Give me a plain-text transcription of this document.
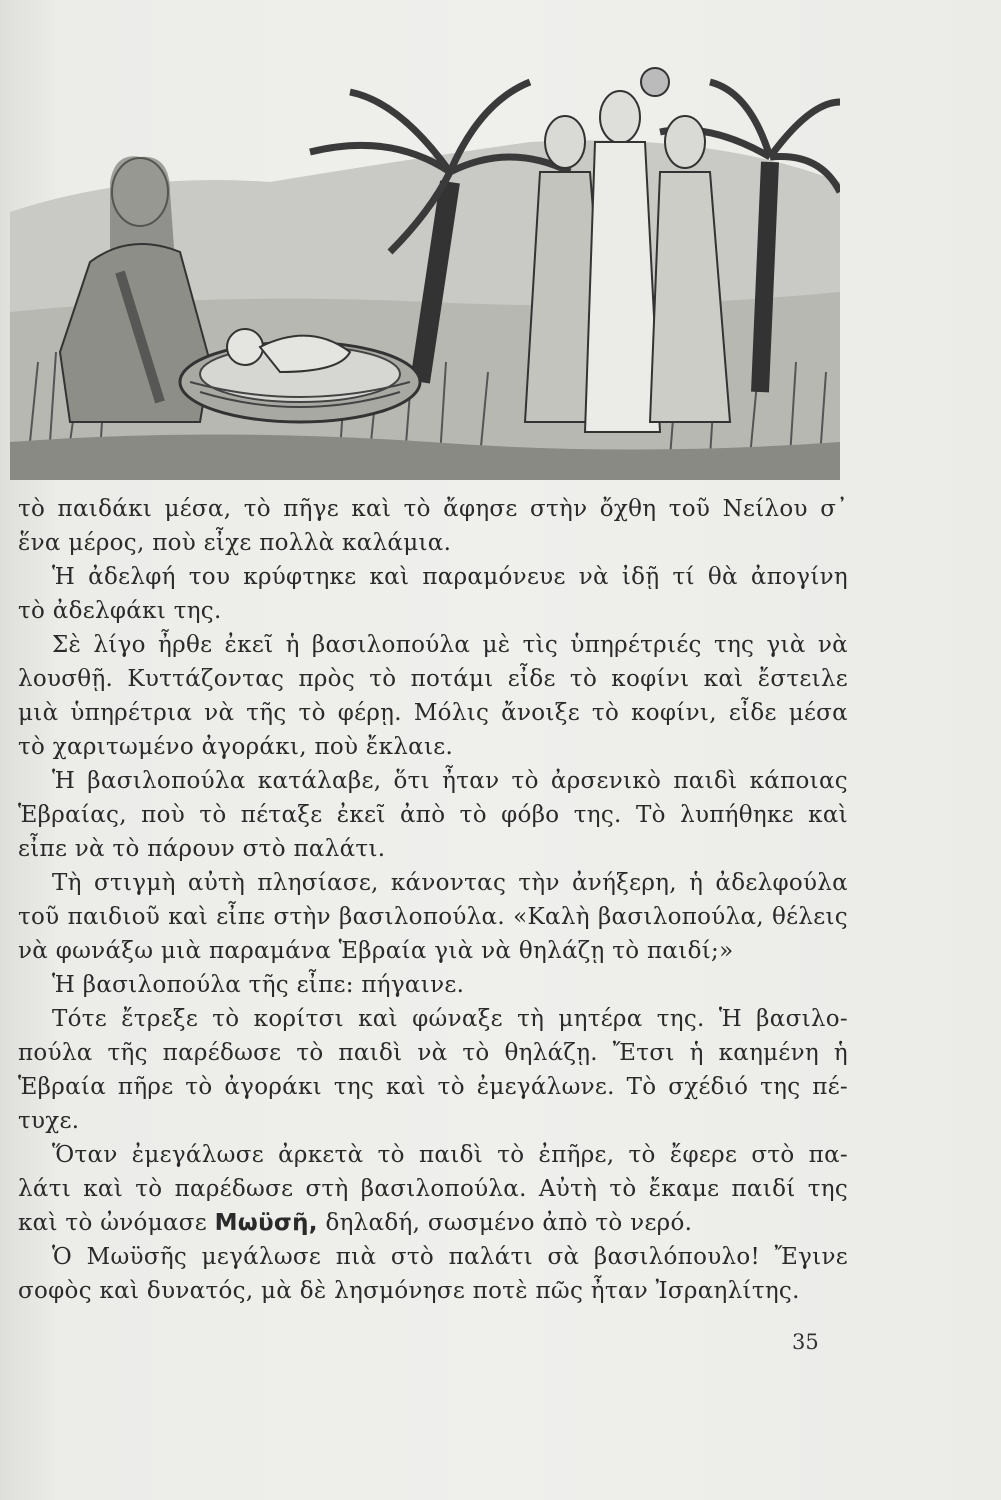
τὸ παιδάκι μέσα, τὸ πῆγε καὶ τὸ ἄφησε στὴν ὄχθη τοῦ Νείλου σ᾽
ἕνα μέρος, ποὺ εἶχε πολλὰ καλάμια.
Ἡ ἀδελφή του κρύφτηκε καὶ παραμόνευε νὰ ἰδῇ τί θὰ ἀπογίνη
τὸ ἀδελφάκι της.
Σὲ λίγο ἦρθε ἐκεῖ ἡ βασιλοπούλα μὲ τὶς ὑπηρέτριές της γιὰ νὰ
λουσθῇ. Κυττάζοντας πρὸς τὸ ποτάμι εἶδε τὸ κοφίνι καὶ ἔστειλε
μιὰ ὑπηρέτρια νὰ τῆς τὸ φέρῃ. Μόλις ἄνοιξε τὸ κοφίνι, εἶδε μέσα
τὸ χαριτωμένο ἀγοράκι, ποὺ ἔκλαιε.
Ἡ βασιλοπούλα κατάλαβε, ὅτι ἦταν τὸ ἀρσενικὸ παιδὶ κάποιας
Ἑβραίας, ποὺ τὸ πέταξε ἐκεῖ ἀπὸ τὸ φόβο της. Τὸ λυπήθηκε καὶ
εἶπε νὰ τὸ πάρουν στὸ παλάτι.
Τὴ στιγμὴ αὐτὴ πλησίασε, κάνοντας τὴν ἀνήξερη, ἡ ἀδελφούλα
τοῦ παιδιοῦ καὶ εἶπε στὴν βασιλοπούλα. «Καλὴ βασιλοπούλα, θέλεις
νὰ φωνάξω μιὰ παραμάνα Ἑβραία γιὰ νὰ θηλάζῃ τὸ παιδί;»
Ἡ βασιλοπούλα τῆς εἶπε: πήγαινε.
Τότε ἔτρεξε τὸ κορίτσι καὶ φώναξε τὴ μητέρα της. Ἡ βασιλο-
πούλα τῆς παρέδωσε τὸ παιδὶ νὰ τὸ θηλάζῃ. Ἔτσι ἡ καημένη ἡ
Ἑβραία πῆρε τὸ ἀγοράκι της καὶ τὸ ἐμεγάλωνε. Τὸ σχέδιό της πέ-
τυχε.
Ὅταν ἐμεγάλωσε ἀρκετὰ τὸ παιδὶ τὸ ἐπῆρε, τὸ ἔφερε στὸ πα-
λάτι καὶ τὸ παρέδωσε στὴ βασιλοπούλα. Αὐτὴ τὸ ἔκαμε παιδί της
καὶ τὸ ὠνόμασε Μωϋσῆ, δηλαδή, σωσμένο ἀπὸ τὸ νερό.
Ὁ Μωϋσῆς μεγάλωσε πιὰ στὸ παλάτι σὰ βασιλόπουλο! Ἔγινε
σοφὸς καὶ δυνατός, μὰ δὲ λησμόνησε ποτὲ πῶς ἦταν Ἰσραηλίτης.
35
